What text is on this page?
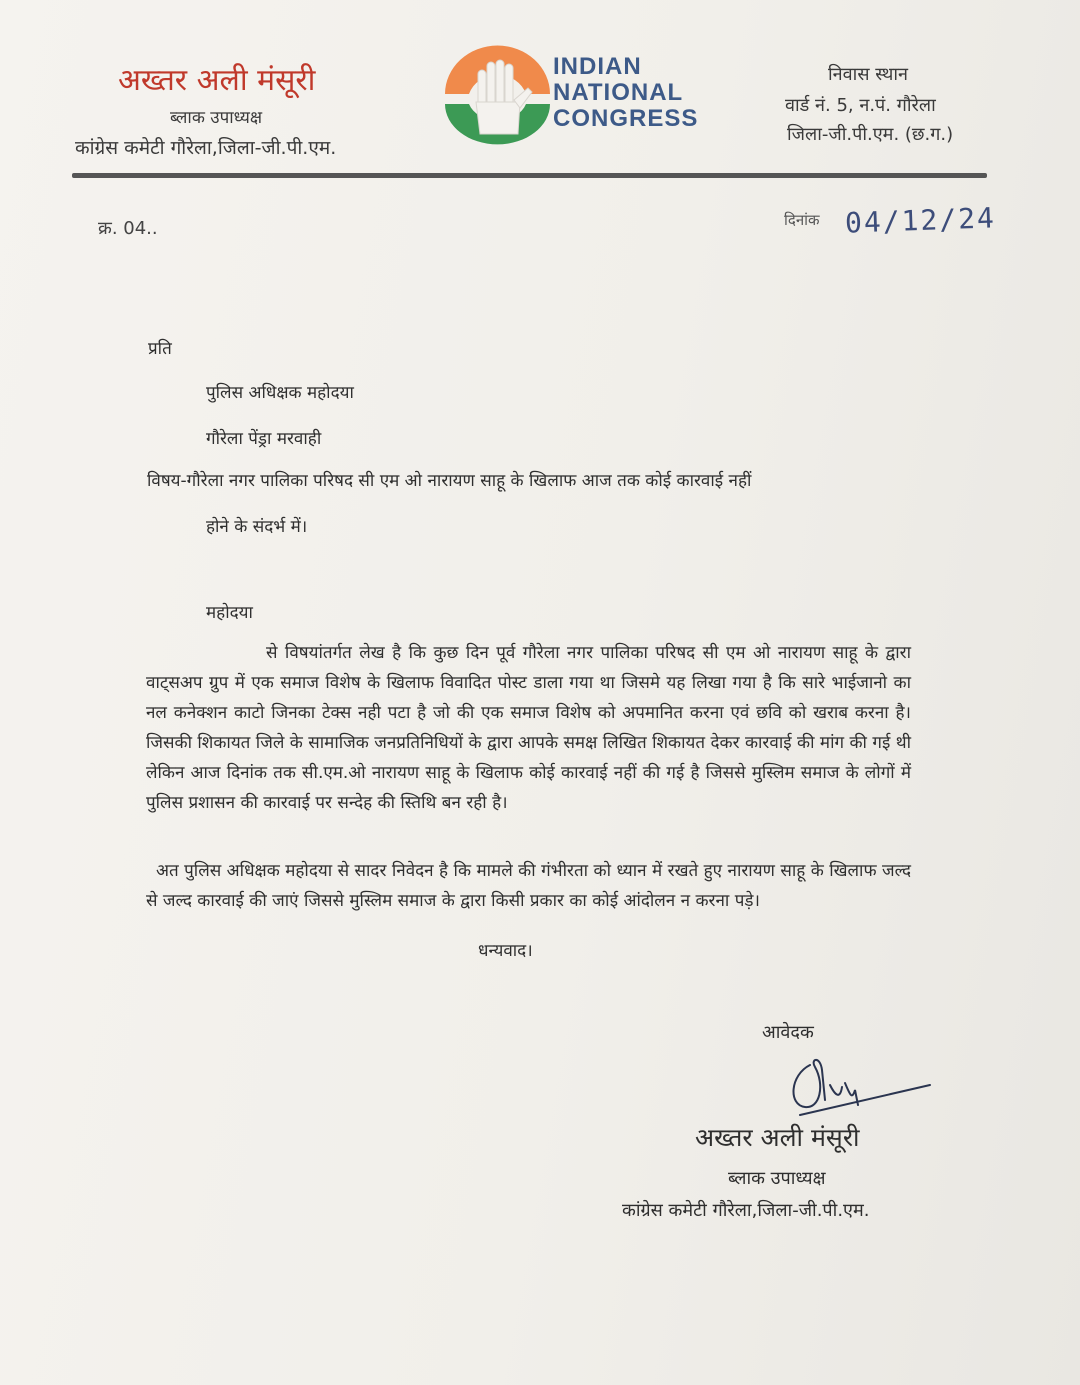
अख्तर अली मंसूरी
ब्लाक उपाध्यक्ष
कांग्रेस कमेटी गौरेला,जिला-जी.पी.एम.
INDIAN
NATIONAL
CONGRESS
निवास स्थान
वार्ड नं. 5, न.पं. गौरेला
जिला-जी.पी.एम. (छ.ग.)
क्र. 04..	दिनांक 04/12/24
प्रति
पुलिस अधिक्षक महोदया
गौरेला पेंड्रा मरवाही
विषय-गौरेला नगर पालिका परिषद सी एम ओ नारायण साहू के खिलाफ आज तक कोई कारवाई नहीं
होने के संदर्भ में।
महोदया
से विषयांतर्गत लेख है कि कुछ दिन पूर्व गौरेला नगर पालिका परिषद सी एम ओ नारायण साहू के द्वारा वाट्सअप ग्रुप में एक समाज विशेष के खिलाफ विवादित पोस्ट डाला गया था जिसमे यह लिखा गया है कि सारे भाईजानो का नल कनेक्शन काटो जिनका टेक्स नही पटा है जो की एक समाज विशेष को अपमानित करना एवं छवि को खराब करना है। जिसकी शिकायत जिले के सामाजिक जनप्रतिनिधियों के द्वारा आपके समक्ष लिखित शिकायत देकर कारवाई की मांग की गई थी लेकिन आज दिनांक तक सी.एम.ओ नारायण साहू के खिलाफ कोई कारवाई नहीं की गई है जिससे मुस्लिम समाज के लोगों में पुलिस प्रशासन की कारवाई पर सन्देह की स्तिथि बन रही है।
अत पुलिस अधिक्षक महोदया से सादर निवेदन है कि मामले की गंभीरता को ध्यान में रखते हुए नारायण साहू के खिलाफ जल्द से जल्द कारवाई की जाएं जिससे मुस्लिम समाज के द्वारा किसी प्रकार का कोई आंदोलन न करना पड़े।
धन्यवाद।
आवेदक
अख्तर अली मंसूरी
ब्लाक उपाध्यक्ष
कांग्रेस कमेटी गौरेला,जिला-जी.पी.एम.
